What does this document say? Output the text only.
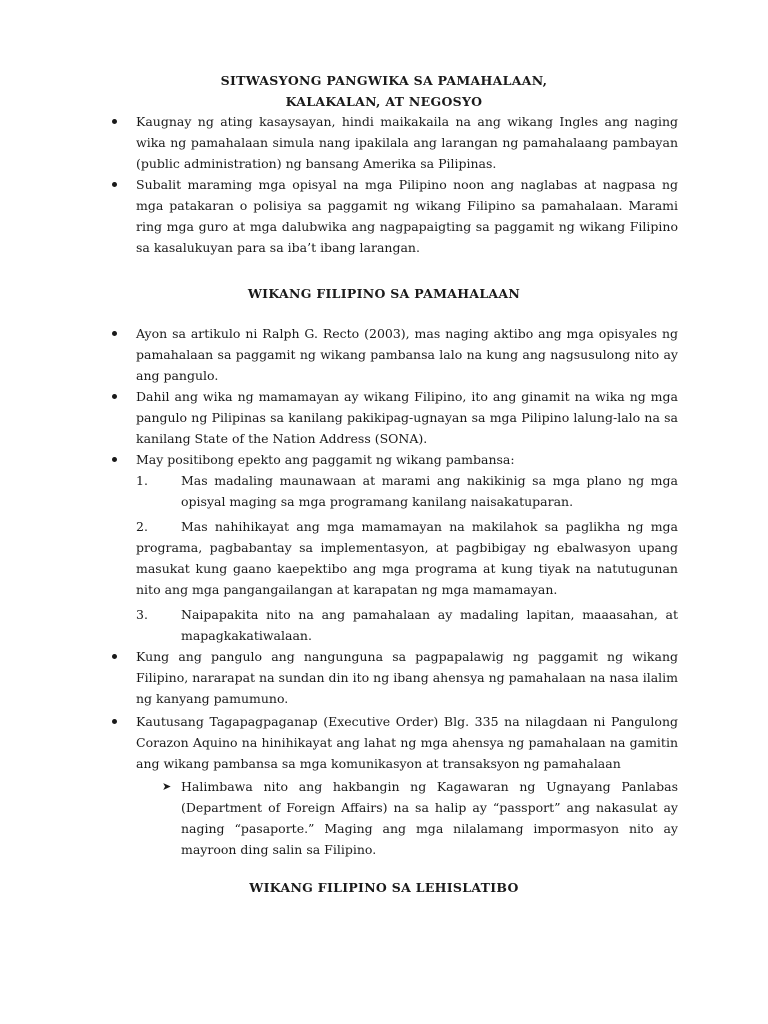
SITWASYONG PANGWIKA SA PAMAHALAAN,

KALAKALAN, AT NEGOSYO

Kaugnay ng ating kasaysayan, hindi maikakaila na ang wikang Ingles ang naging wika ng pamahalaan simula nang ipakilala ang larangan ng pamahalaang pambayan (public administration) ng bansang Amerika sa Pilipinas.

Subalit maraming mga opisyal na mga Pilipino noon ang naglabas at nagpasa ng mga patakaran o polisiya sa paggamit ng wikang Filipino sa pamahalaan. Marami ring mga guro at mga dalubwika ang nagpapaigting sa paggamit ng wikang Filipino sa kasalukuyan para sa iba’t ibang larangan.

WIKANG FILIPINO SA PAMAHALAAN

Ayon sa artikulo ni Ralph G. Recto (2003), mas naging aktibo ang mga opisyales ng pamahalaan sa paggamit ng wikang pambansa lalo na kung ang nagsusulong nito ay ang pangulo.

Dahil ang wika ng mamamayan ay wikang Filipino, ito ang ginamit na wika ng mga pangulo ng Pilipinas sa kanilang pakikipag-ugnayan sa mga Pilipino lalung-lalo na sa kanilang State of the Nation Address (SONA).

May positibong epekto ang paggamit ng wikang pambansa:

1.	Mas madaling maunawaan at marami ang nakikinig sa mga plano ng mga opisyal maging sa mga programang kanilang naisakatuparan.

2.	Mas nahihikayat ang mga mamamayan na makilahok sa paglikha ng mga programa, pagbabantay sa implementasyon, at pagbibigay ng ebalwasyon upang masukat kung gaano kaepektibo ang mga programa at kung tiyak na natutugunan nito ang mga pangangailangan at karapatan ng mga mamamayan.

3.	Naipapakita nito na ang pamahalaan ay madaling lapitan, maaasahan, at mapagkakatiwalaan.

Kung ang pangulo ang nangunguna sa pagpapalawig ng paggamit ng wikang Filipino, nararapat na sundan din ito ng ibang ahensya ng pamahalaan na nasa ilalim ng kanyang pamumuno.

Kautusang Tagapagpaganap (Executive Order) Blg. 335 na nilagdaan ni Pangulong Corazon Aquino na hinihikayat ang lahat ng mga ahensya ng pamahalaan na gamitin ang wikang pambansa sa mga komunikasyon at transaksyon ng pamahalaan

➤ Halimbawa nito ang hakbangin ng Kagawaran ng Ugnayang Panlabas (Department of Foreign Affairs) na sa halip ay “passport” ang nakasulat ay naging “pasaporte.” Maging ang mga nilalamang impormasyon nito ay mayroon ding salin sa Filipino.

WIKANG FILIPINO SA LEHISLATIBO
